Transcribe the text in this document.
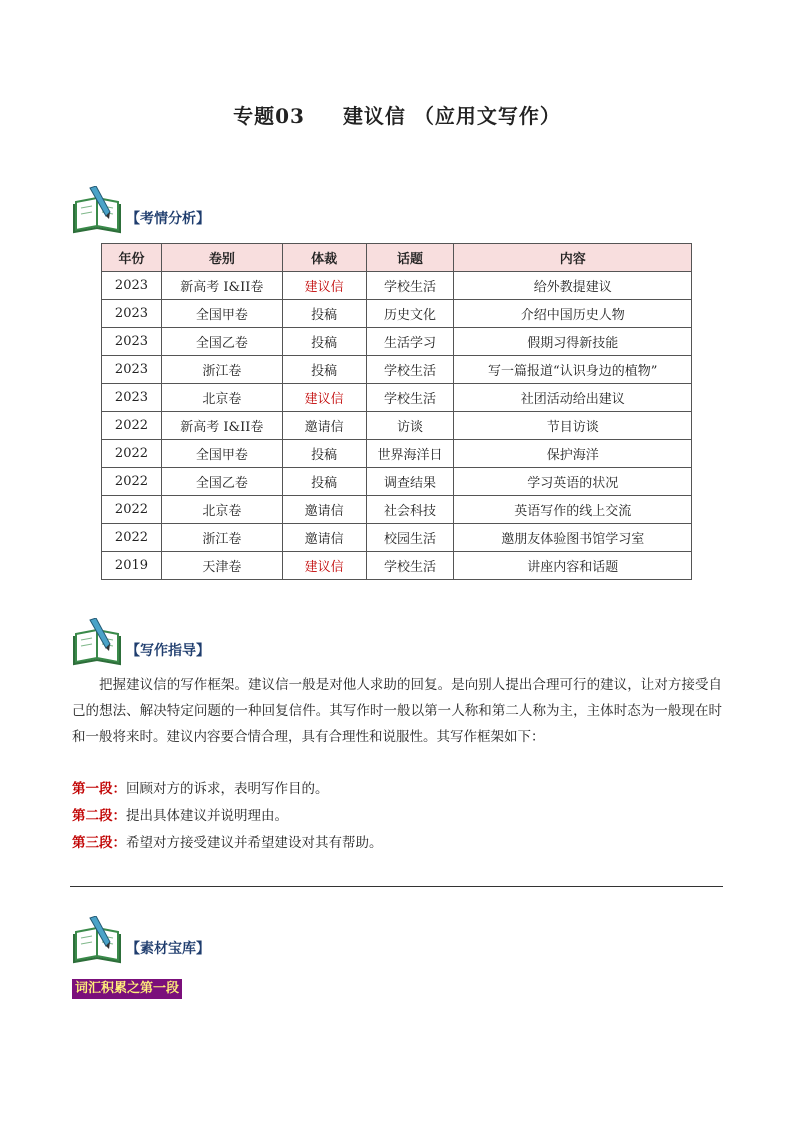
专题03 建议信 （应用文写作）
【考情分析】
年份	卷别	体裁	话题	内容
2023	新高考 I&II卷	建议信	学校生活	给外教提建议
2023	全国甲卷	投稿	历史文化	介绍中国历史人物
2023	全国乙卷	投稿	生活学习	假期习得新技能
2023	浙江卷	投稿	学校生活	写一篇报道“认识身边的植物”
2023	北京卷	建议信	学校生活	社团活动给出建议
2022	新高考 I&II卷	邀请信	访谈	节目访谈
2022	全国甲卷	投稿	世界海洋日	保护海洋
2022	全国乙卷	投稿	调查结果	学习英语的状况
2022	北京卷	邀请信	社会科技	英语写作的线上交流
2022	浙江卷	邀请信	校园生活	邀朋友体验图书馆学习室
2019	天津卷	建议信	学校生活	讲座内容和话题
【写作指导】
把握建议信的写作框架。建议信一般是对他人求助的回复。是向别人提出合理可行的建议，让对方接受自己的想法、解决特定问题的一种回复信件。其写作时一般以第一人称和第二人称为主，主体时态为一般现在时和一般将来时。建议内容要合情合理，具有合理性和说服性。其写作框架如下：
第一段：回顾对方的诉求，表明写作目的。
第二段：提出具体建议并说明理由。
第三段：希望对方接受建议并希望建设对其有帮助。
【素材宝库】
词汇积累之第一段
